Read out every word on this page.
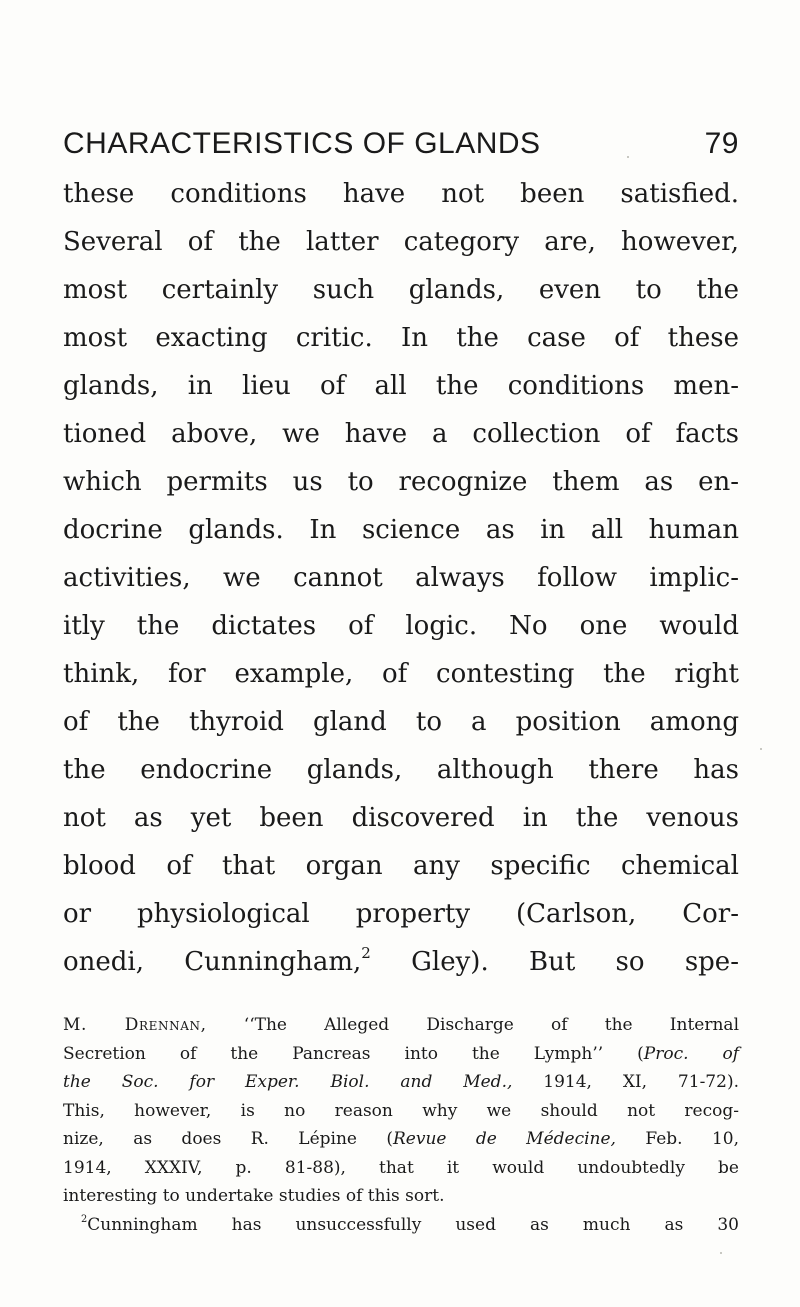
CHARACTERISTICS OF GLANDS	79
these conditions have not been satisfied.
Several of the latter category are, however,
most certainly such glands, even to the
most exacting critic. In the case of these
glands, in lieu of all the conditions men-
tioned above, we have a collection of facts
which permits us to recognize them as en-
docrine glands. In science as in all human
activities, we cannot always follow implic-
itly the dictates of logic. No one would
think, for example, of contesting the right
of the thyroid gland to a position among
the endocrine glands, although there has
not as yet been discovered in the venous
blood of that organ any specific chemical
or physiological property (Carlson, Cor-
onedi, Cunningham,$^2$ Gley). But so spe-
M. Drennan, ‘‘The Alleged Discharge of the Internal
Secretion of the Pancreas into the Lymph’’ (Proc. of
the Soc. for Exper. Biol. and Med., 1914, XI, 71-72).
This, however, is no reason why we should not recog-
nize, as does R. Lépine (Revue de Médecine, Feb. 10,
1914, XXXIV, p. 81-88), that it would undoubtedly be
interesting to undertake studies of this sort.
$^2$Cunningham has unsuccessfully used as much as 30
